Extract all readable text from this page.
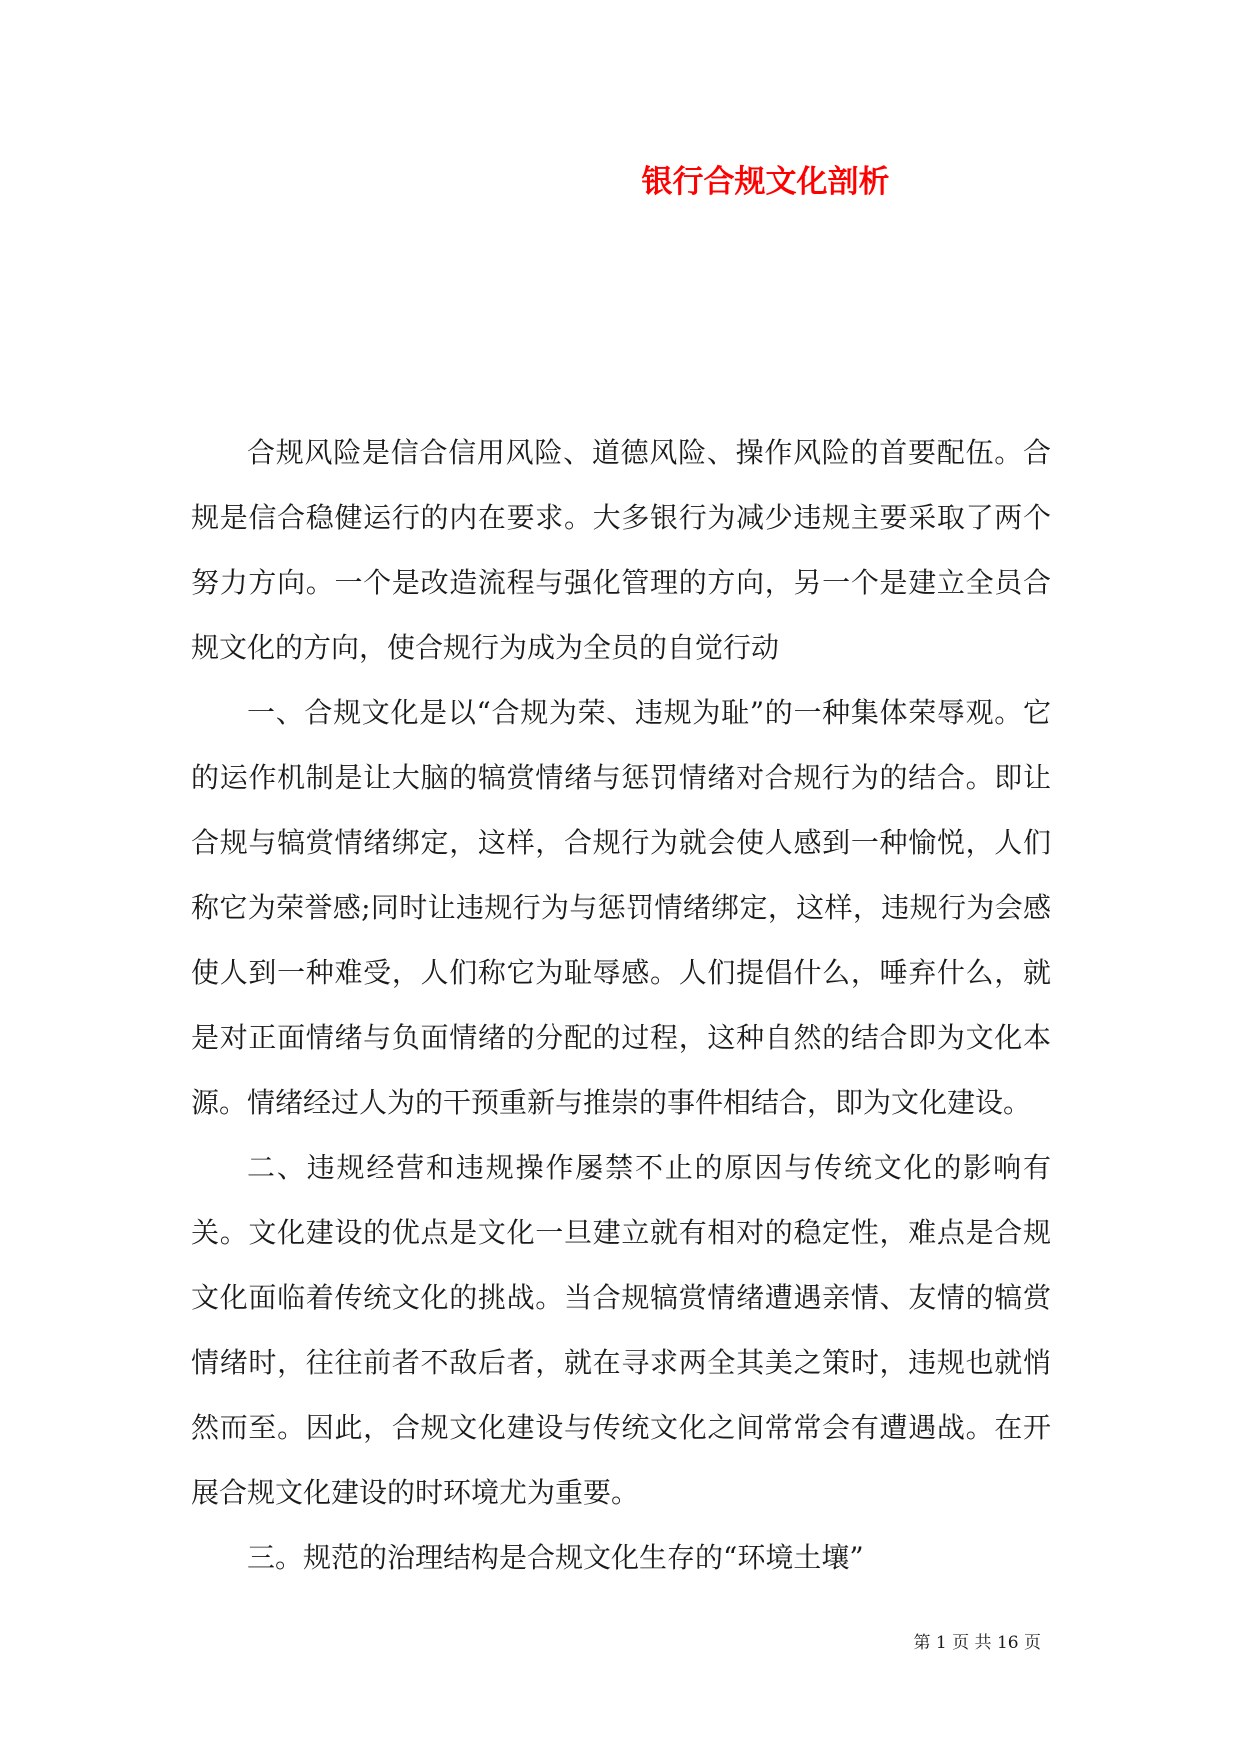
银行合规文化剖析

合规风险是信合信用风险、道德风险、操作风险的首要配伍。合规是信合稳健运行的内在要求。大多银行为减少违规主要采取了两个努力方向。一个是改造流程与强化管理的方向，另一个是建立全员合规文化的方向，使合规行为成为全员的自觉行动

一、合规文化是以“合规为荣、违规为耻”的一种集体荣辱观。它的运作机制是让大脑的犒赏情绪与惩罚情绪对合规行为的结合。即让合规与犒赏情绪绑定，这样，合规行为就会使人感到一种愉悦，人们称它为荣誉感;同时让违规行为与惩罚情绪绑定，这样，违规行为会感使人到一种难受，人们称它为耻辱感。人们提倡什么，唾弃什么，就是对正面情绪与负面情绪的分配的过程，这种自然的结合即为文化本源。情绪经过人为的干预重新与推崇的事件相结合，即为文化建设。

二、违规经营和违规操作屡禁不止的原因与传统文化的影响有关。文化建设的优点是文化一旦建立就有相对的稳定性，难点是合规文化面临着传统文化的挑战。当合规犒赏情绪遭遇亲情、友情的犒赏情绪时，往往前者不敌后者，就在寻求两全其美之策时，违规也就悄然而至。因此，合规文化建设与传统文化之间常常会有遭遇战。在开展合规文化建设的时环境尤为重要。

三。规范的治理结构是合规文化生存的“环境土壤”

第 1 页 共 16 页
